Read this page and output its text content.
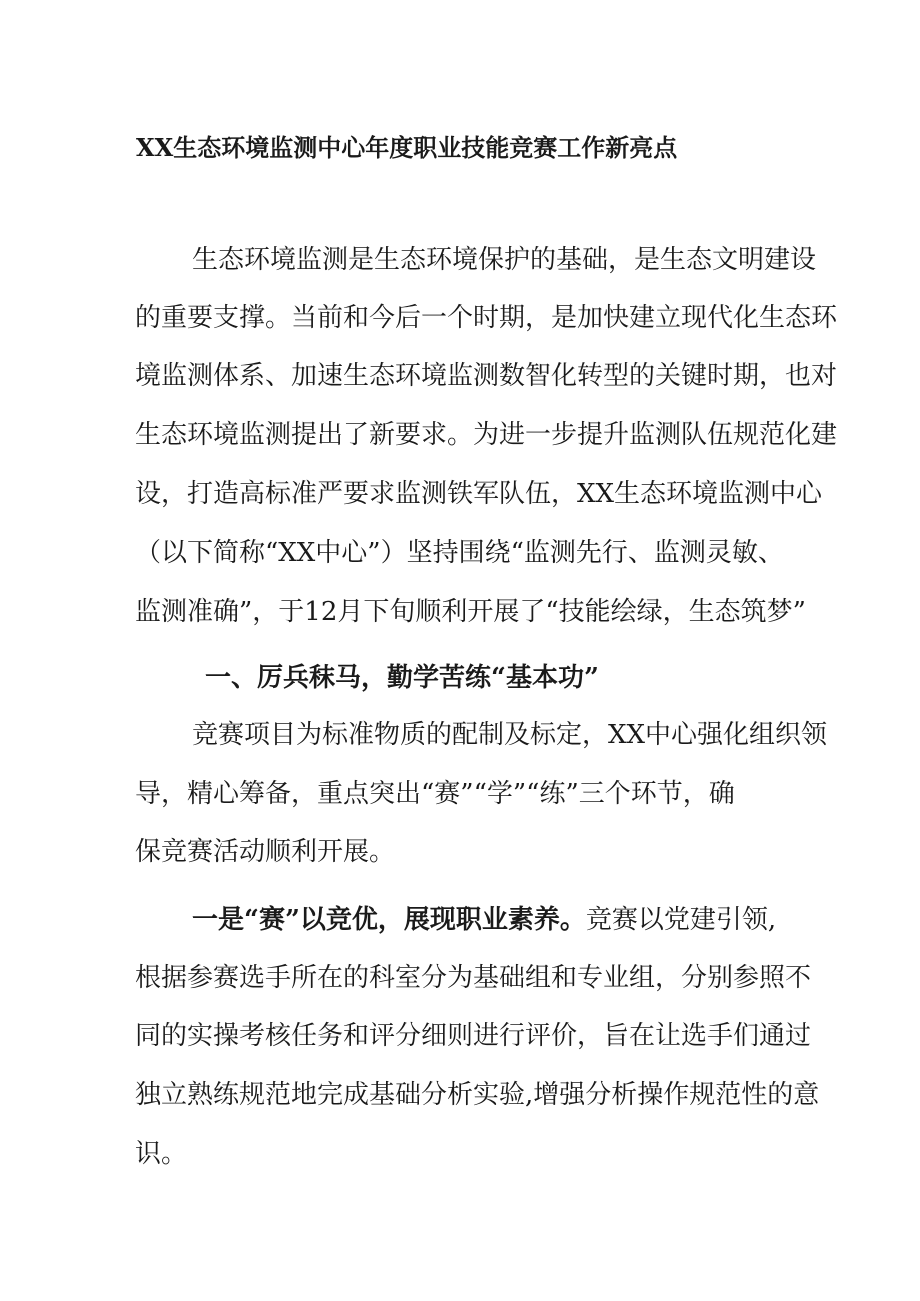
XX生态环境监测中心年度职业技能竞赛工作新亮点
生态环境监测是生态环境保护的基础，是生态文明建设
的重要支撑。当前和今后一个时期，是加快建立现代化生态环
境监测体系、加速生态环境监测数智化转型的关键时期，也对
生态环境监测提出了新要求。为进一步提升监测队伍规范化建
设，打造高标准严要求监测铁军队伍，XX生态环境监测中心
（以下简称“XX中心”）坚持围绕“监测先行、监测灵敏、
监测准确”，于12月下旬顺利开展了“技能绘绿，生态筑梦”
一、厉兵秣马，勤学苦练“基本功”
竞赛项目为标准物质的配制及标定，XX中心强化组织领
导，精心筹备，重点突出“赛”“学”“练”三个环节，确
保竞赛活动顺利开展。
一是“赛”以竞优，展现职业素养。竞赛以党建引领,
根据参赛选手所在的科室分为基础组和专业组，分别参照不
同的实操考核任务和评分细则进行评价，旨在让选手们通过
独立熟练规范地完成基础分析实验,增强分析操作规范性的意
识。
